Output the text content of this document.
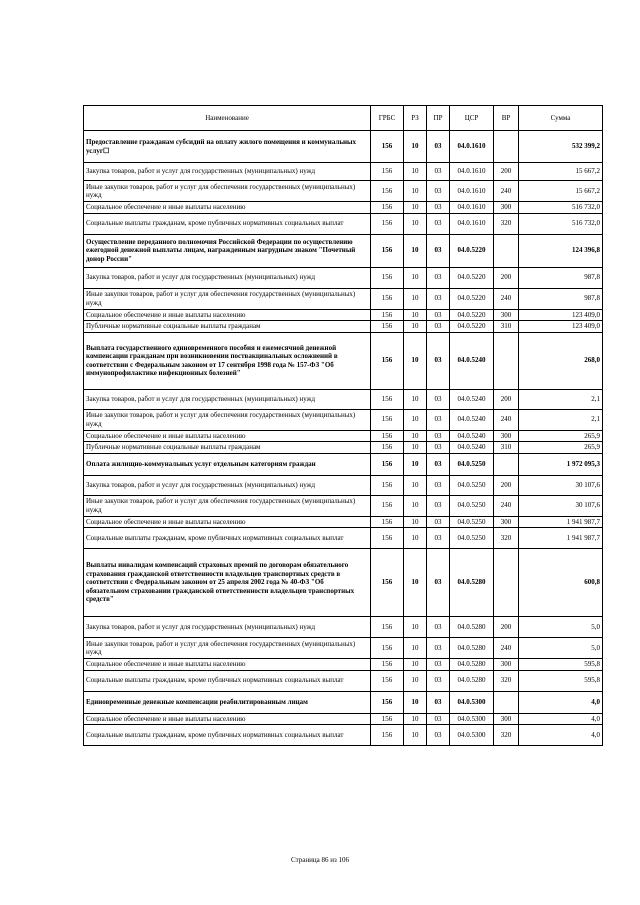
Наименование	ГРБС	РЗ	ПР	ЦСР	ВР	Сумма
Предоставление гражданам субсидий на оплату жилого помещения и коммунальных услуг☐	156	10	03	04.0.1610		532 399,2
Закупка товаров, работ и услуг для государственных (муниципальных) нужд	156	10	03	04.0.1610	200	15 667,2
Иные закупки товаров, работ и услуг для обеспечения государственных (муниципальных) нужд	156	10	03	04.0.1610	240	15 667,2
Социальное обеспечение и иные выплаты населению	156	10	03	04.0.1610	300	516 732,0
Социальные выплаты гражданам, кроме публичных нормативных социальных выплат	156	10	03	04.0.1610	320	516 732,0
Осуществление переданного полномочия Российской Федерации по осуществлению ежегодной денежной выплаты лицам, награжденным нагрудным знаком "Почетный донор России"	156	10	03	04.0.5220		124 396,8
Закупка товаров, работ и услуг для государственных (муниципальных) нужд	156	10	03	04.0.5220	200	987,8
Иные закупки товаров, работ и услуг для обеспечения государственных (муниципальных) нужд	156	10	03	04.0.5220	240	987,8
Социальное обеспечение и иные выплаты населению	156	10	03	04.0.5220	300	123 409,0
Публичные нормативные социальные выплаты гражданам	156	10	03	04.0.5220	310	123 409,0
Выплата государственного единовременного пособия и ежемесячной денежной компенсации гражданам при возникновении поствакцинальных осложнений в соответствии с Федеральным законом от 17 сентября 1998 года № 157-ФЗ "Об иммунопрофилактике инфекционных болезней"	156	10	03	04.0.5240		268,0
Закупка товаров, работ и услуг для государственных (муниципальных) нужд	156	10	03	04.0.5240	200	2,1
Иные закупки товаров, работ и услуг для обеспечения государственных (муниципальных) нужд	156	10	03	04.0.5240	240	2,1
Социальное обеспечение и иные выплаты населению	156	10	03	04.0.5240	300	265,9
Публичные нормативные социальные выплаты гражданам	156	10	03	04.0.5240	310	265,9
Оплата жилищно-коммунальных услуг отдельным категориям граждан	156	10	03	04.0.5250		1 972 095,3
Закупка товаров, работ и услуг для государственных (муниципальных) нужд	156	10	03	04.0.5250	200	30 107,6
Иные закупки товаров, работ и услуг для обеспечения государственных (муниципальных) нужд	156	10	03	04.0.5250	240	30 107,6
Социальное обеспечение и иные выплаты населению	156	10	03	04.0.5250	300	1 941 987,7
Социальные выплаты гражданам, кроме публичных нормативных социальных выплат	156	10	03	04.0.5250	320	1 941 987,7
Выплаты инвалидам компенсаций страховых премий по договорам обязательного страхования гражданской ответственности владельцев транспортных средств в соответствии с Федеральным законом от 25 апреля 2002 года № 40-ФЗ "Об обязательном страховании гражданской ответственности владельцев транспортных средств"	156	10	03	04.0.5280		600,8
Закупка товаров, работ и услуг для государственных (муниципальных) нужд	156	10	03	04.0.5280	200	5,0
Иные закупки товаров, работ и услуг для обеспечения государственных (муниципальных) нужд	156	10	03	04.0.5280	240	5,0
Социальное обеспечение и иные выплаты населению	156	10	03	04.0.5280	300	595,8
Социальные выплаты гражданам, кроме публичных нормативных социальных выплат	156	10	03	04.0.5280	320	595,8
Единовременные денежные компенсации реабилитированным лицам	156	10	03	04.0.5300		4,0
Социальное обеспечение и иные выплаты населению	156	10	03	04.0.5300	300	4,0
Социальные выплаты гражданам, кроме публичных нормативных социальных выплат	156	10	03	04.0.5300	320	4,0
Страница 86 из 106
